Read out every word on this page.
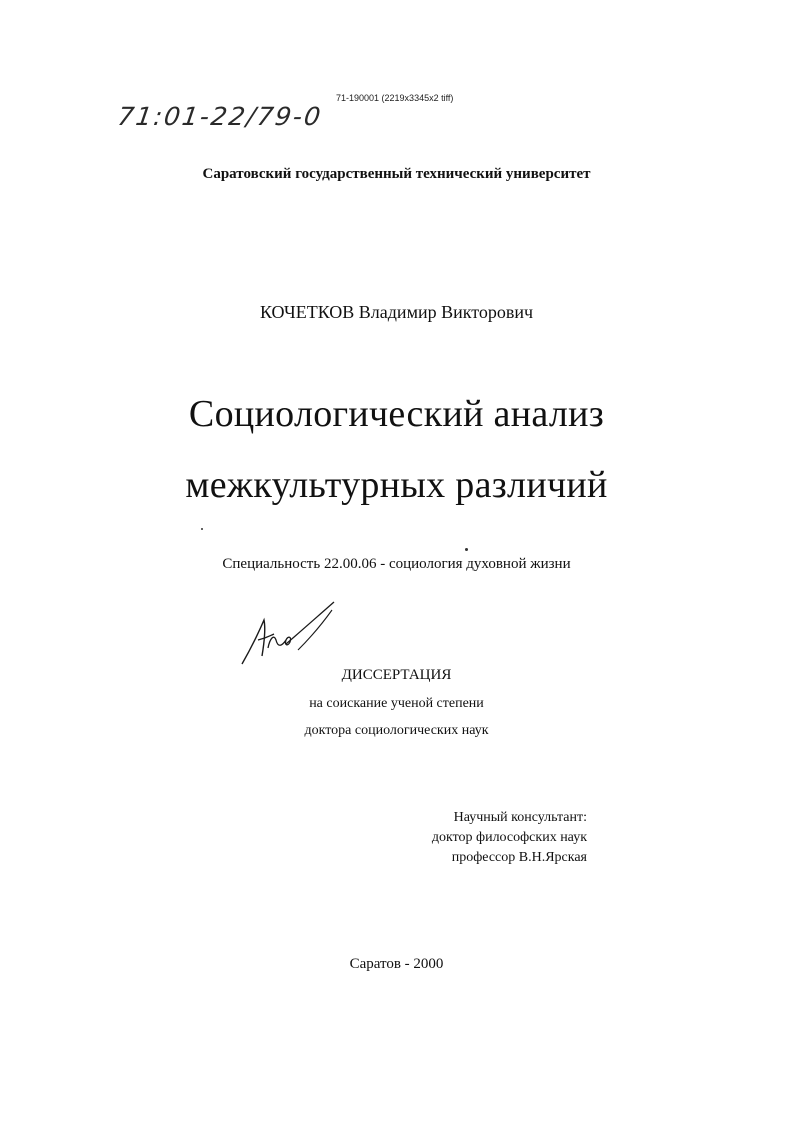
71-190001 (2219x3345x2 tiff)
71:01-22/79-0
Саратовский государственный технический университет
КОЧЕТКОВ Владимир Викторович
Социологический анализ
межкультурных различий
Специальность 22.00.06 - социология духовной жизни
ДИССЕРТАЦИЯ
на соискание ученой степени
доктора социологических наук
Научный консультант:
доктор философских наук
профессор В.Н.Ярская
Саратов - 2000
